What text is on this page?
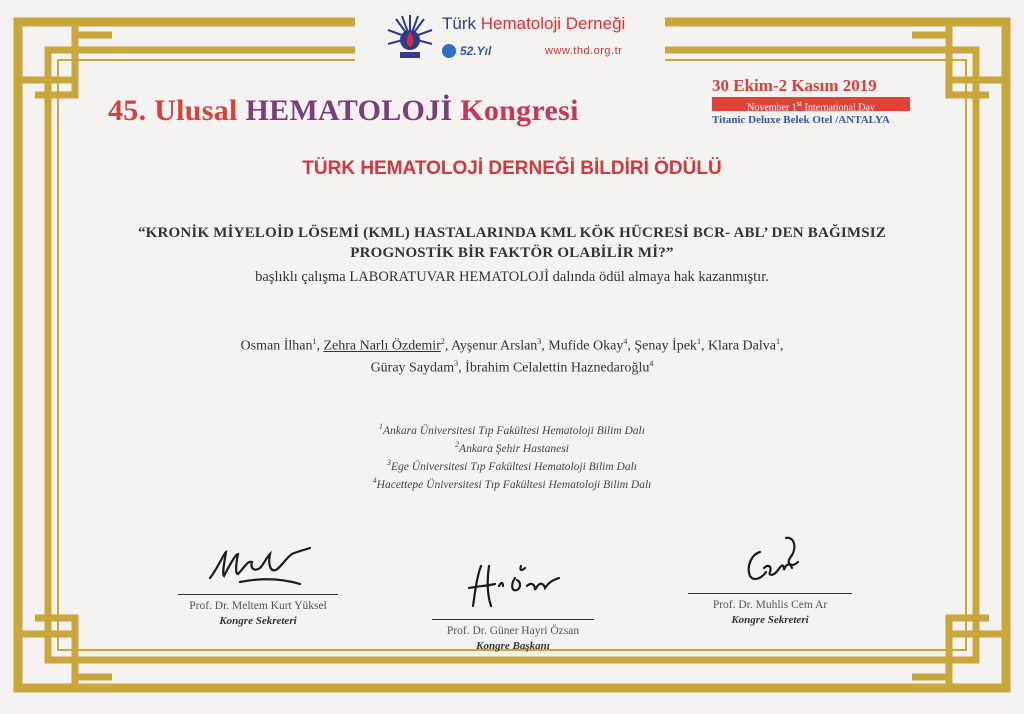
Türk Hematoloji Derneği
52.Yıl	www.thd.org.tr
45. Ulusal HEMATOLOJİ Kongresi
30 Ekim-2 Kasım 2019
November 1st International Day
Titanic Deluxe Belek Otel /ANTALYA
TÜRK HEMATOLOJİ DERNEĞİ BİLDİRİ ÖDÜLÜ
“KRONİK MİYELOİD LÖSEMİ (KML) HASTALARINDA KML KÖK HÜCRESİ BCR- ABL’ DEN BAĞIMSIZ
PROGNOSTİK BİR FAKTÖR OLABİLİR Mİ?”
başlıklı çalışma LABORATUVAR HEMATOLOJİ dalında ödül almaya hak kazanmıştır.
Osman İlhan$^1$, Zehra Narlı Özdemir$^2$, Ayşenur Arslan$^3$, Mufide Okay$^4$, Şenay İpek$^1$, Klara Dalva$^1$,
Güray Saydam$^3$, İbrahim Celalettin Haznedaroğlu$^4$
$^1$Ankara Üniversitesi Tıp Fakültesi Hematoloji Bilim Dalı
$^2$Ankara Şehir Hastanesi
$^3$Ege Üniversitesi Tıp Fakültesi Hematoloji Bilim Dalı
$^4$Hacettepe Üniversitesi Tıp Fakültesi Hematoloji Bilim Dalı
Prof. Dr. Meltem Kurt Yüksel
Kongre Sekreteri
Prof. Dr. Güner Hayri Özsan
Kongre Başkanı
Prof. Dr. Muhlis Cem Ar
Kongre Sekreteri
